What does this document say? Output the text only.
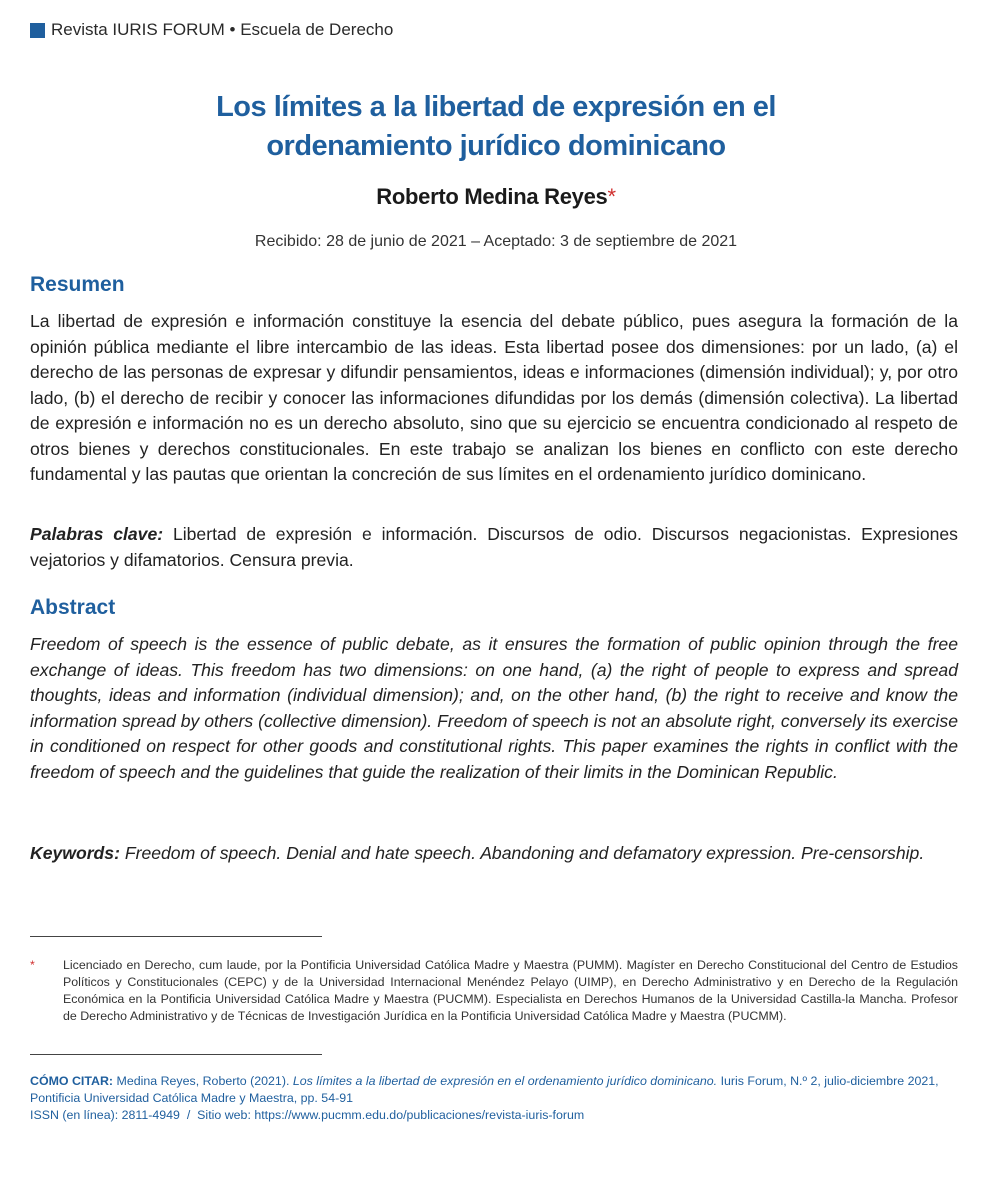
Revista IURIS FORUM
•
Escuela de Derecho
Los límites a la libertad de expresión en el
ordenamiento jurídico dominicano
Roberto Medina Reyes*
Recibido: 28 de junio de 2021 – Aceptado: 3 de septiembre de 2021
Resumen
La libertad de expresión e información constituye la esencia del debate público, pues asegura la formación de la opinión pública mediante el libre intercambio de las ideas. Esta libertad posee dos dimensiones: por un lado, (a) el derecho de las personas de expresar y difundir pensamientos, ideas e informaciones (dimensión individual); y, por otro lado, (b) el derecho de recibir y conocer las informaciones difundidas por los demás (dimensión colectiva). La libertad de expresión e información no es un derecho absoluto, sino que su ejercicio se encuentra condicionado al respeto de otros bienes y derechos constitucionales. En este trabajo se analizan los bienes en conflicto con este derecho fundamental y las pautas que orientan la concreción de sus límites en el ordenamiento jurídico dominicano.
Palabras clave: Libertad de expresión e información. Discursos de odio. Discursos negacionistas. Expresiones vejatorios y difamatorios. Censura previa.
Abstract
Freedom of speech is the essence of public debate, as it ensures the formation of public opinion through the free exchange of ideas. This freedom has two dimensions: on one hand, (a) the right of people to express and spread thoughts, ideas and information (individual dimension); and, on the other hand, (b) the right to receive and know the information spread by others (collective dimension). Freedom of speech is not an absolute right, conversely its exercise in conditioned on respect for other goods and constitutional rights. This paper examines the rights in conflict with the freedom of speech and the guidelines that guide the realization of their limits in the Dominican Republic.
Keywords: Freedom of speech. Denial and hate speech. Abandoning and defamatory expression. Pre-censorship.
*	Licenciado en Derecho, cum laude, por la Pontificia Universidad Católica Madre y Maestra (PUMM). Magíster en Derecho Constitucional del Centro de Estudios Políticos y Constitucionales (CEPC) y de la Universidad Internacional Menéndez Pelayo (UIMP), en Derecho Administrativo y en Derecho de la Regulación Económica en la Pontificia Universidad Católica Madre y Maestra (PUCMM). Especialista en Derechos Humanos de la Universidad Castilla-la Mancha. Profesor de Derecho Administrativo y de Técnicas de Investigación Jurídica en la Pontificia Universidad Católica Madre y Maestra (PUCMM).
CÓMO CITAR: Medina Reyes, Roberto (2021). Los límites a la libertad de expresión en el ordenamiento jurídico dominicano. Iuris Forum, N.º 2, julio-diciembre 2021, Pontificia Universidad Católica Madre y Maestra, pp. 54-91
ISSN (en línea): 2811-4949 / Sitio web: https://www.pucmm.edu.do/publicaciones/revista-iuris-forum
